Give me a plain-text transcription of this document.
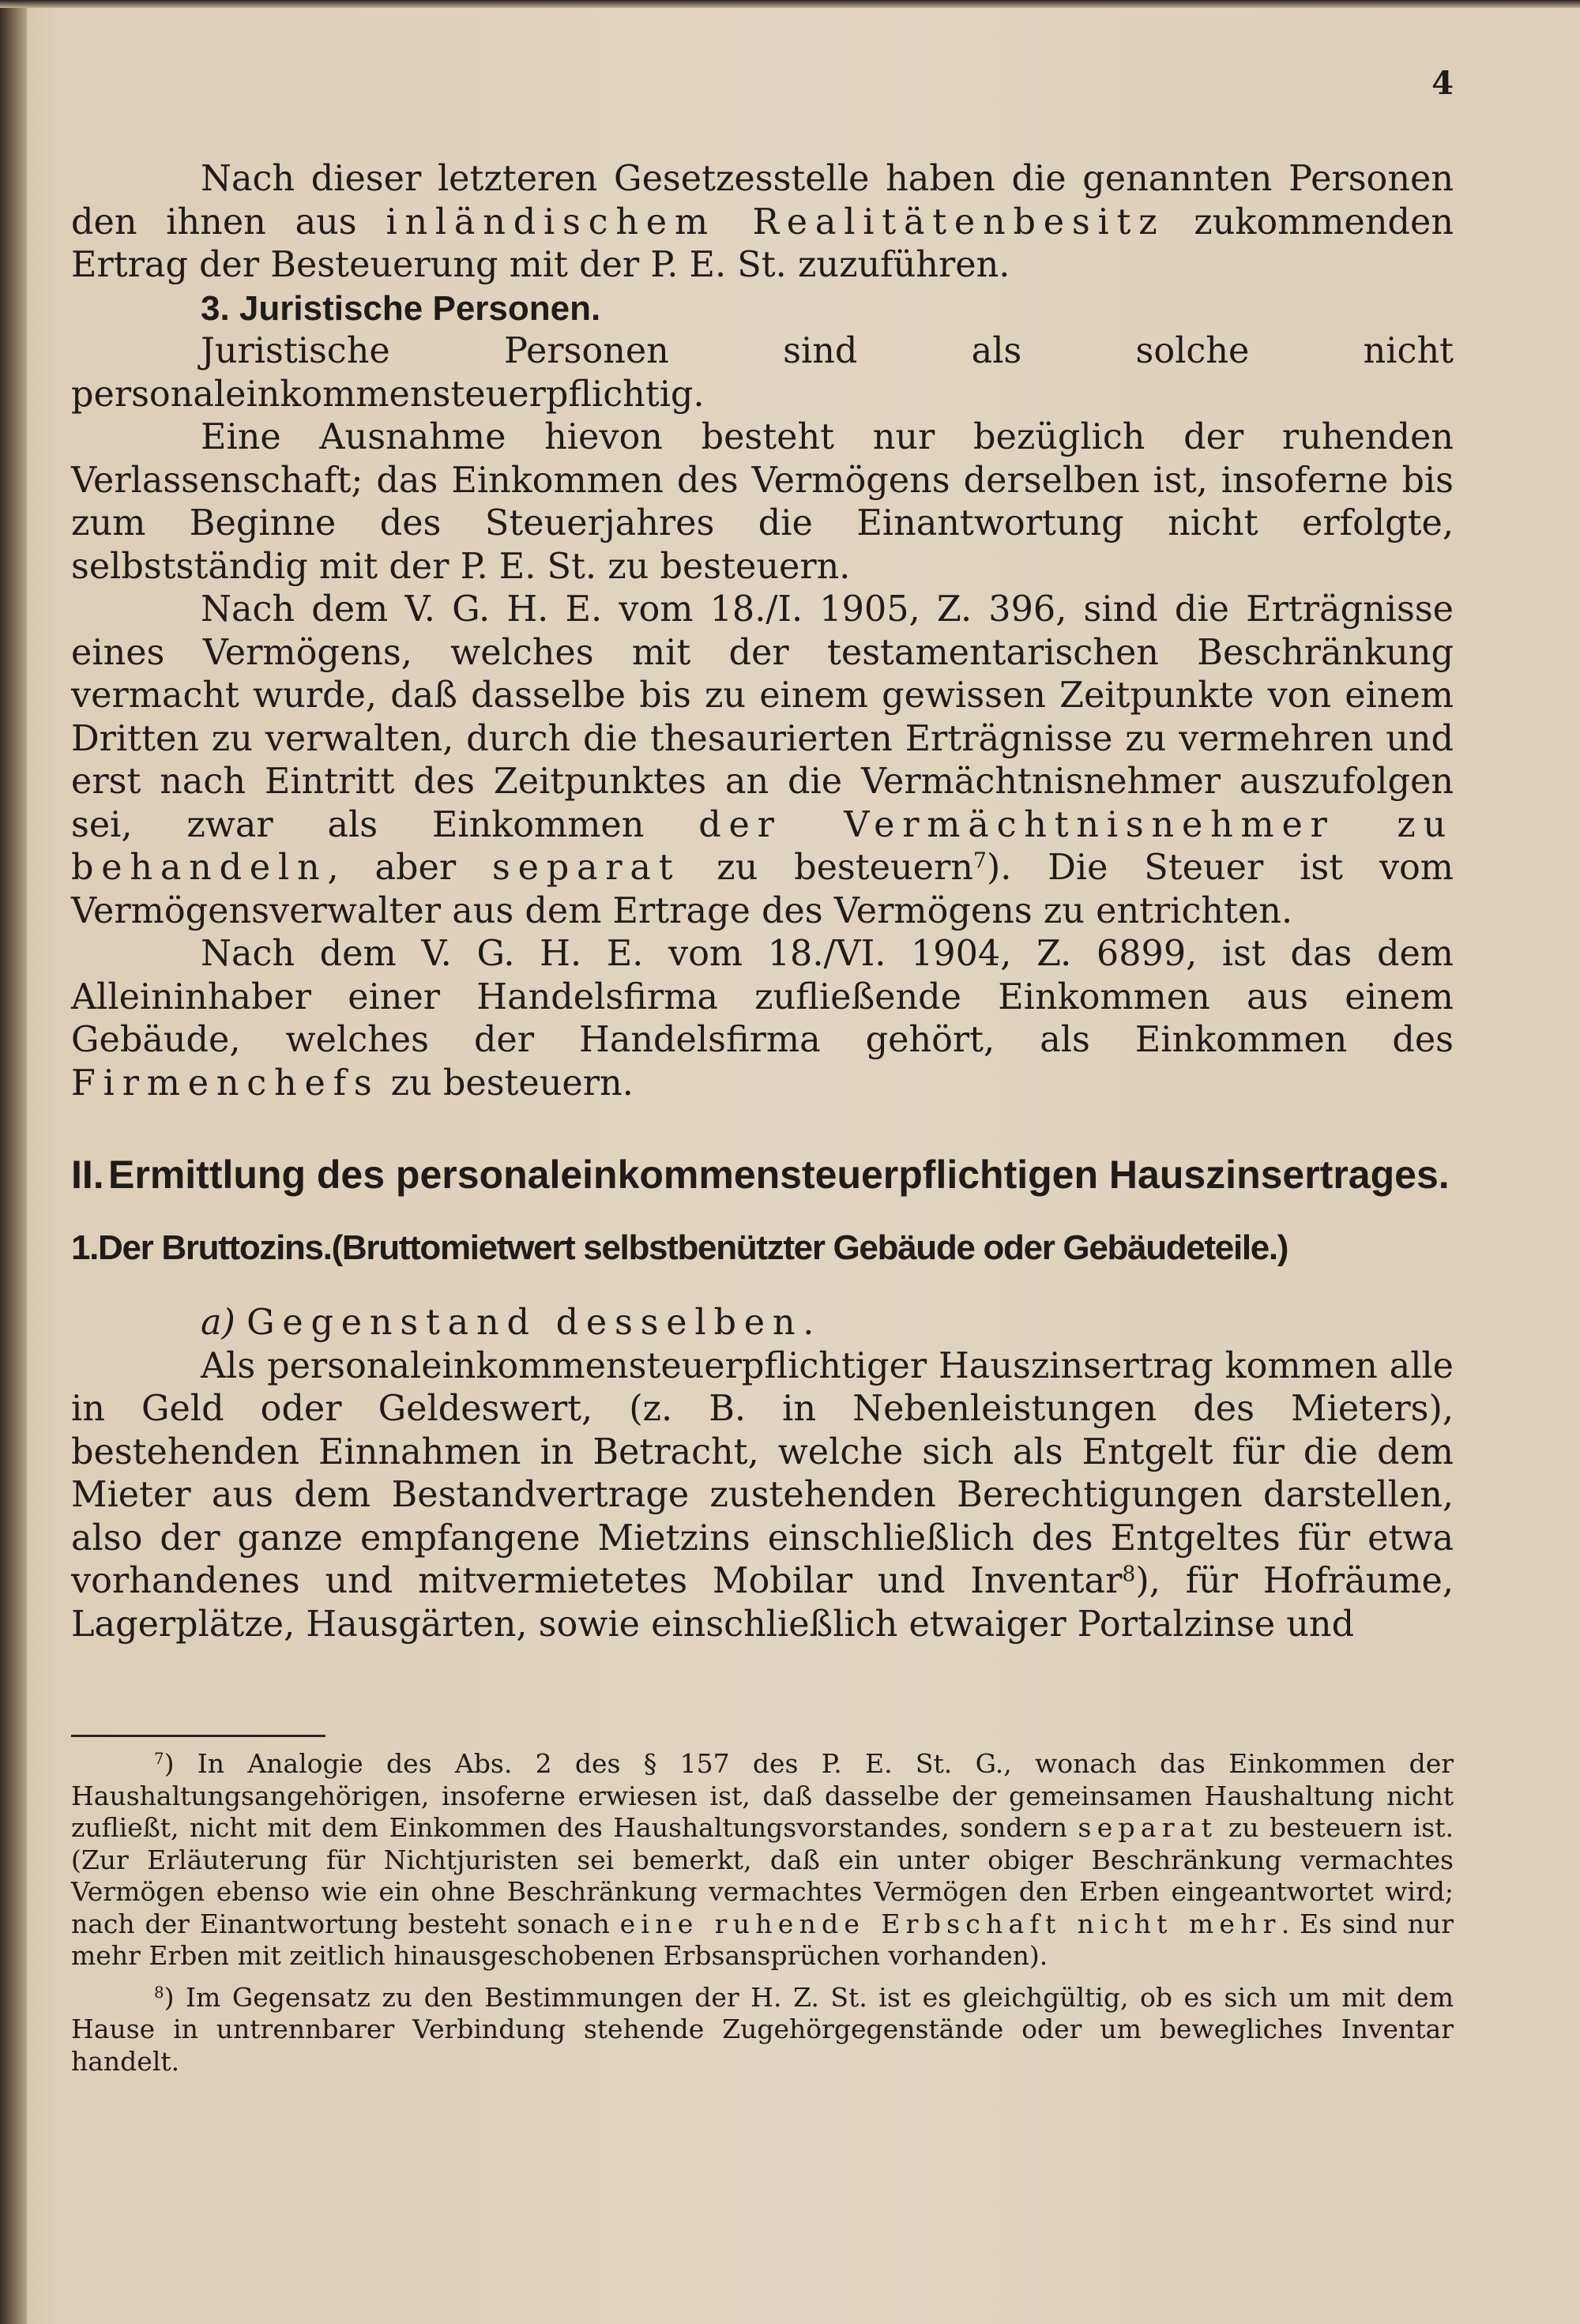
4

Nach dieser letzteren Gesetzesstelle haben die genannten Personen den ihnen aus inländischem Realitätenbesitz zukommenden Ertrag der Besteuerung mit der P. E. St. zuzuführen.

3. Juristische Personen.

Juristische Personen sind als solche nicht personaleinkommensteuerpflichtig.

Eine Ausnahme hievon besteht nur bezüglich der ruhenden Verlassenschaft; das Einkommen des Vermögens derselben ist, insoferne bis zum Beginne des Steuerjahres die Einantwortung nicht erfolgte, selbstständig mit der P. E. St. zu besteuern.

Nach dem V. G. H. E. vom 18./I. 1905, Z. 396, sind die Erträgnisse eines Vermögens, welches mit der testamentarischen Beschränkung vermacht wurde, daß dasselbe bis zu einem gewissen Zeitpunkte von einem Dritten zu verwalten, durch die thesaurierten Erträgnisse zu vermehren und erst nach Eintritt des Zeitpunktes an die Vermächtnisnehmer auszufolgen sei, zwar als Einkommen der Vermächtnisnehmer zu behandeln, aber separat zu besteuern$^7$). Die Steuer ist vom Vermögensverwalter aus dem Ertrage des Vermögens zu entrichten.

Nach dem V. G. H. E. vom 18./VI. 1904, Z. 6899, ist das dem Alleininhaber einer Handelsfirma zufließende Einkommen aus einem Gebäude, welches der Handelsfirma gehört, als Einkommen des Firmenchefs zu besteuern.

II. Ermittlung des personaleinkommensteuerpflichtigen Hauszinsertrages.
1.Der Bruttozins.(Bruttomietwert selbstbenützter Gebäude oder Gebäudeteile.)

a) Gegenstand desselben.

Als personaleinkommensteuerpflichtiger Hauszinsertrag kommen alle in Geld oder Geldeswert, (z. B. in Nebenleistungen des Mieters), bestehenden Einnahmen in Betracht, welche sich als Entgelt für die dem Mieter aus dem Bestandvertrage zustehenden Berechtigungen darstellen, also der ganze empfangene Mietzins einschließlich des Entgeltes für etwa vorhandenes und mitvermietetes Mobilar und Inventar$^8$), für Hofräume, Lagerplätze, Hausgärten, sowie einschließlich etwaiger Portalzinse und

$^7$) In Analogie des Abs. 2 des § 157 des P. E. St. G., wonach das Einkommen der Haushaltungsangehörigen, insoferne erwiesen ist, daß dasselbe der gemeinsamen Haushaltung nicht zufließt, nicht mit dem Einkommen des Haushaltungsvorstandes, sondern separat zu besteuern ist. (Zur Erläuterung für Nichtjuristen sei bemerkt, daß ein unter obiger Beschränkung vermachtes Vermögen ebenso wie ein ohne Beschränkung vermachtes Vermögen den Erben eingeantwortet wird; nach der Einantwortung besteht sonach eine ruhende Erbschaft nicht mehr. Es sind nur mehr Erben mit zeitlich hinausgeschobenen Erbsansprüchen vorhanden).

$^8$) Im Gegensatz zu den Bestimmungen der H. Z. St. ist es gleichgültig, ob es sich um mit dem Hause in untrennbarer Verbindung stehende Zugehörgegenstände oder um bewegliches Inventar handelt.
